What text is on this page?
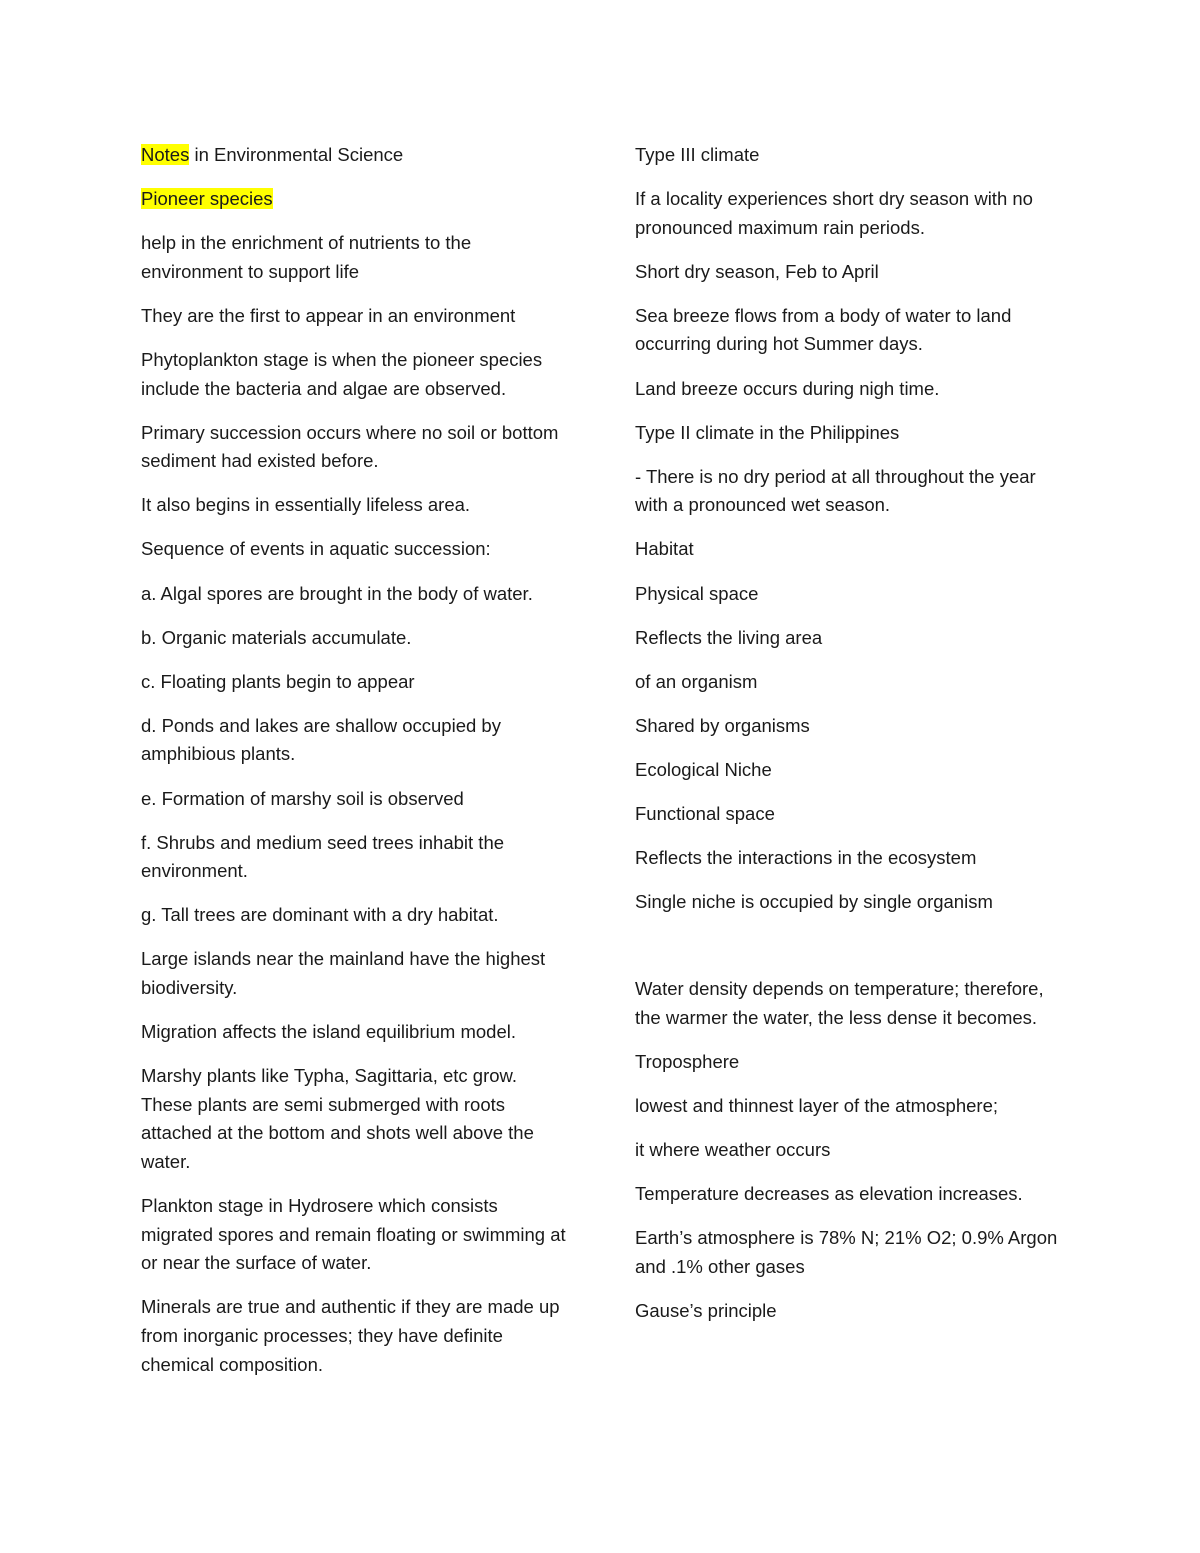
Notes in Environmental Science

Pioneer species

help in the enrichment of nutrients to the environment to support life

They are the first to appear in an environment

Phytoplankton stage is when the pioneer species include the bacteria and algae are observed.

Primary succession occurs where no soil or bottom sediment had existed before.

It also begins in essentially lifeless area.

Sequence of events in aquatic succession:

a. Algal spores are brought in the body of water.

b. Organic materials accumulate.

c. Floating plants begin to appear

d. Ponds and lakes are shallow occupied by amphibious plants.

e. Formation of marshy soil is observed

f. Shrubs and medium seed trees inhabit the environment.

g. Tall trees are dominant with a dry habitat.

Large islands near the mainland have the highest biodiversity.

Migration affects the island equilibrium model.

Marshy plants like Typha, Sagittaria, etc grow. These plants are semi submerged with roots attached at the bottom and shots well above the water.

Plankton stage in Hydrosere which consists migrated spores and remain floating or swimming at or near the surface of water.

Minerals are true and authentic if they are made up from inorganic processes; they have definite chemical composition.

Type III climate

If a locality experiences short dry season with no pronounced maximum rain periods.

Short dry season, Feb to April

Sea breeze flows from a body of water to land occurring during hot Summer days.

Land breeze occurs during nigh time.

Type II climate in the Philippines

- There is no dry period at all throughout the year with a pronounced wet season.

Habitat

Physical space

Reflects the living area

of an organism

Shared by organisms

Ecological Niche

Functional space

Reflects the interactions in the ecosystem

Single niche is occupied by single organism

Water density depends on temperature; therefore, the warmer the water, the less dense it becomes.

Troposphere

lowest and thinnest layer of the atmosphere;

it where weather occurs

Temperature decreases as elevation increases.

Earth’s atmosphere is 78% N; 21% O2; 0.9% Argon and .1% other gases

Gause’s principle
